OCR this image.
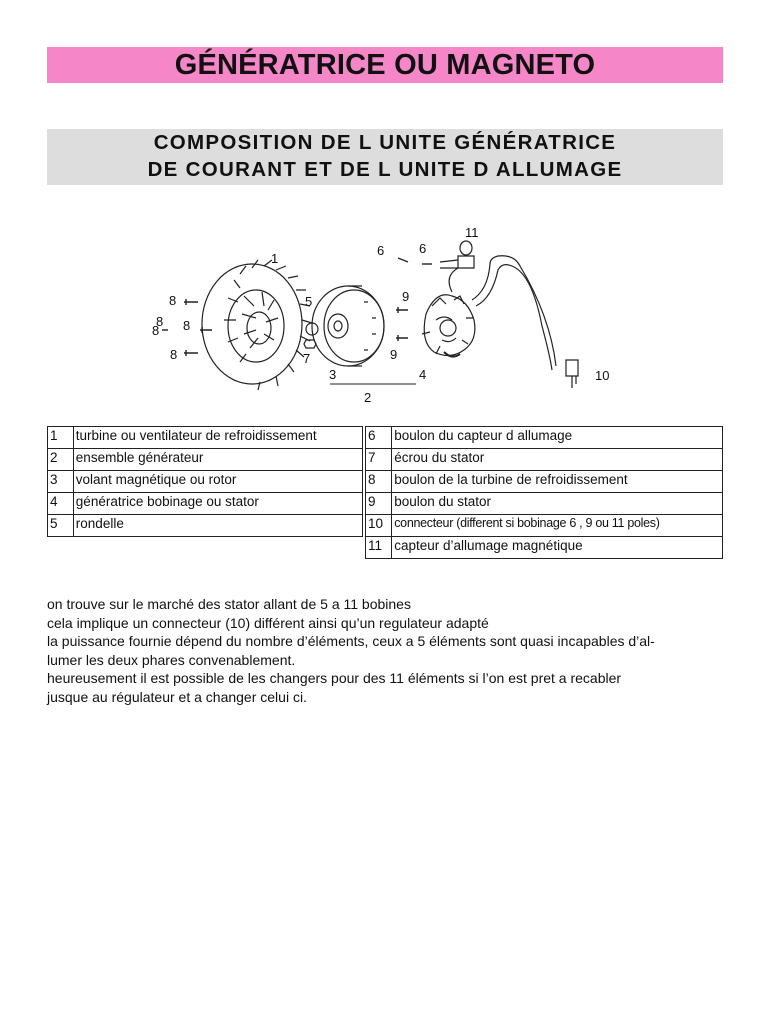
GÉNÉRATRICE OU MAGNETO
COMPOSITION DE L UNITE GÉNÉRATRICE
DE COURANT ET DE L UNITE D ALLUMAGE
1
2
3	4
5
6	6
7
8
8
8
8
8
9
9
10
11
1	turbine ou ventilateur de refroidissement
2	ensemble générateur
3	volant magnétique ou rotor
4	génératrice bobinage ou stator
5	rondelle
6	boulon du capteur d allumage
7	écrou du stator
8	boulon de la turbine de refroidissement
9	boulon du stator
10	connecteur (different si bobinage 6 , 9 ou 11 poles)
11	capteur d’allumage magnétique

on trouve sur le marché des stator allant de 5 a 11 bobines

cela implique un connecteur (10) différent ainsi qu’un regulateur adapté

la puissance fournie dépend du nombre d’éléments, ceux a 5 éléments sont quasi incapables d’al-

lumer les deux phares convenablement.

heureusement il est possible de les changers pour des 11 éléments si l’on est pret a recabler

jusque au régulateur et a changer celui ci.
